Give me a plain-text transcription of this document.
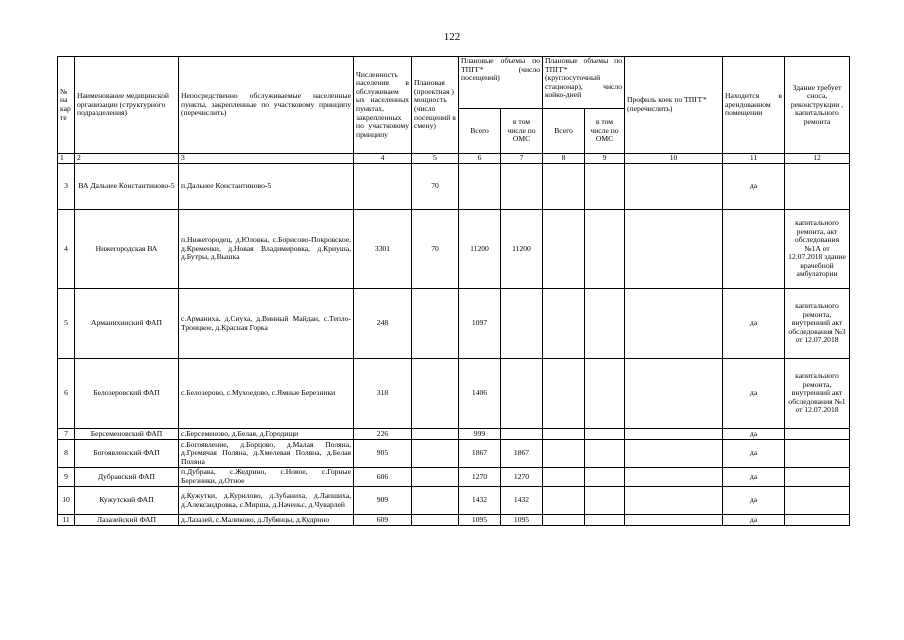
122
№ на кар те	Наименование медицинской организации (структурного подразделения)	Непосредственно обслуживаемые населенные пункты, закрепленные по участковому принципу (перечислить)	Численность населения в обслуживаем ых населенных пунктах, закрепленных по участковому принципу	Плановая (проектная ) мощность (число посещений в смену)	Плановые объемы по ТПГГ* (число посещений)		Плановые объемы по ТПГГ* (круглосуточный стационар), число койко-дней		Профиль коек по ТПГГ* (перечислить)	Находится в арендованном помещении	Здание требует сноса, реконструкции , капитального ремонта
					Всего	в том числе по ОМС	Всего	в том числе по ОМС			
1	2	3	4	5	6	7	8	9	10	11	12
3	ВА Дальнее Константиново-5	п.Дальнее Константиново-5		70						да	
4	Нижегородская ВА	п.Нижегородец, д.Юловка, с.Борисово-Покровское, д.Кременки, д.Новая Владимировка, д.Криуша, д.Бутры, д.Вышка	3301	70	11200	11200					капитального ремонта, акт обследования №1А от 12.07.2018 здание врачебной амбулатории
5	Арманихинский ФАП	с.Арманиха, д.Сиуха, д.Винный Майдан, с.Тепло- Троицкое, д.Красная Горка	248		1097					да	капитального ремонта, внутренний акт обследования №3 от 12.07.2018
6	Белозеровский ФАП	с.Белозерово, с.Мухоедово, с.Ямные Березники	318		1406					да	капитального ремонта, внутренний акт обследования №1 от 12.07.2018
7	Берсеменовский ФАП	с.Берсеменово, д.Белая, д.Городищи	226		999					да	
8	Богоявленский ФАП	с.Богоявление, д.Борцово, д.Малая Поляна, д.Гремячая Поляна, д.Хмелевая Поляна, д.Белая Поляна	905		1867	1867				да	
9	Дубравский ФАП	п.Дубрава, с.Жедрино, с.Новое, с.Горные Березники, д.Отное	606		1270	1270				да	
10	Кужутский ФАП	д.Кужутки, д.Курилово, д.Зубаниха, д.Лапшиха, д.Александровка, с.Мирша, д.Наченьс, д.Чуварлей	909		1432	1432				да	
11	Лазазейский ФАП	д.Лазазей, с.Маликово, д.Лубянцы, д.Кудрино	609		1095	1095				да	
